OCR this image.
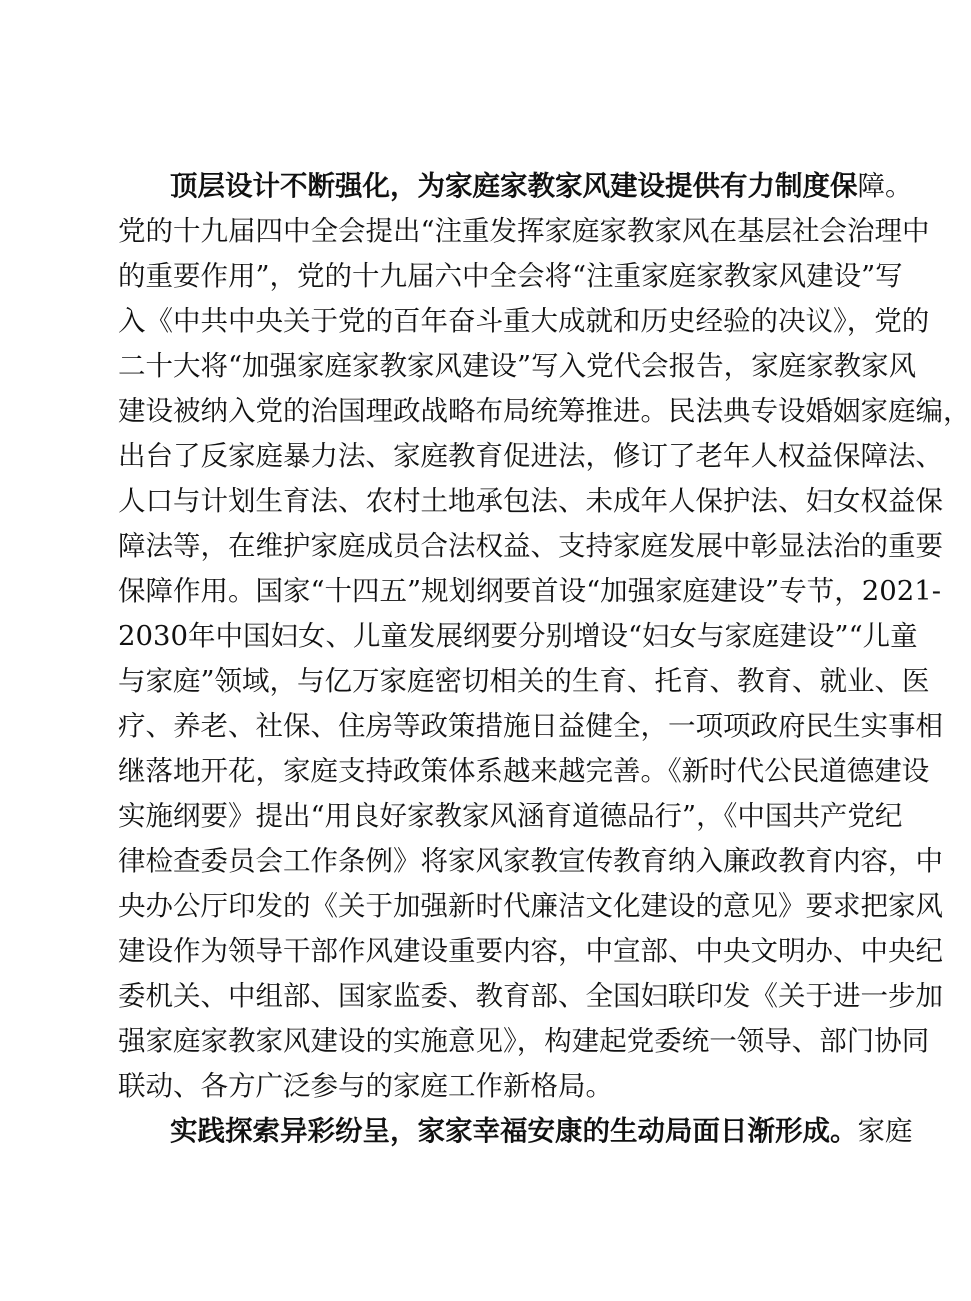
顶层设计不断强化，为家庭家教家风建设提供有力制度保障。
党的十九届四中全会提出“注重发挥家庭家教家风在基层社会治理中
的重要作用”，党的十九届六中全会将“注重家庭家教家风建设”写
入《中共中央关于党的百年奋斗重大成就和历史经验的决议》，党的
二十大将“加强家庭家教家风建设”写入党代会报告，家庭家教家风
建设被纳入党的治国理政战略布局统筹推进。民法典专设婚姻家庭编，
出台了反家庭暴力法、家庭教育促进法，修订了老年人权益保障法、
人口与计划生育法、农村土地承包法、未成年人保护法、妇女权益保
障法等，在维护家庭成员合法权益、支持家庭发展中彰显法治的重要
保障作用。国家“十四五”规划纲要首设“加强家庭建设”专节，2021-
2030年中国妇女、儿童发展纲要分别增设“妇女与家庭建设”“儿童
与家庭”领域，与亿万家庭密切相关的生育、托育、教育、就业、医
疗、养老、社保、住房等政策措施日益健全，一项项政府民生实事相
继落地开花，家庭支持政策体系越来越完善。《新时代公民道德建设
实施纲要》提出“用良好家教家风涵育道德品行”，《中国共产党纪
律检查委员会工作条例》将家风家教宣传教育纳入廉政教育内容，中
央办公厅印发的《关于加强新时代廉洁文化建设的意见》要求把家风
建设作为领导干部作风建设重要内容，中宣部、中央文明办、中央纪
委机关、中组部、国家监委、教育部、全国妇联印发《关于进一步加
强家庭家教家风建设的实施意见》，构建起党委统一领导、部门协同
联动、各方广泛参与的家庭工作新格局。
实践探索异彩纷呈，家家幸福安康的生动局面日渐形成。家庭
